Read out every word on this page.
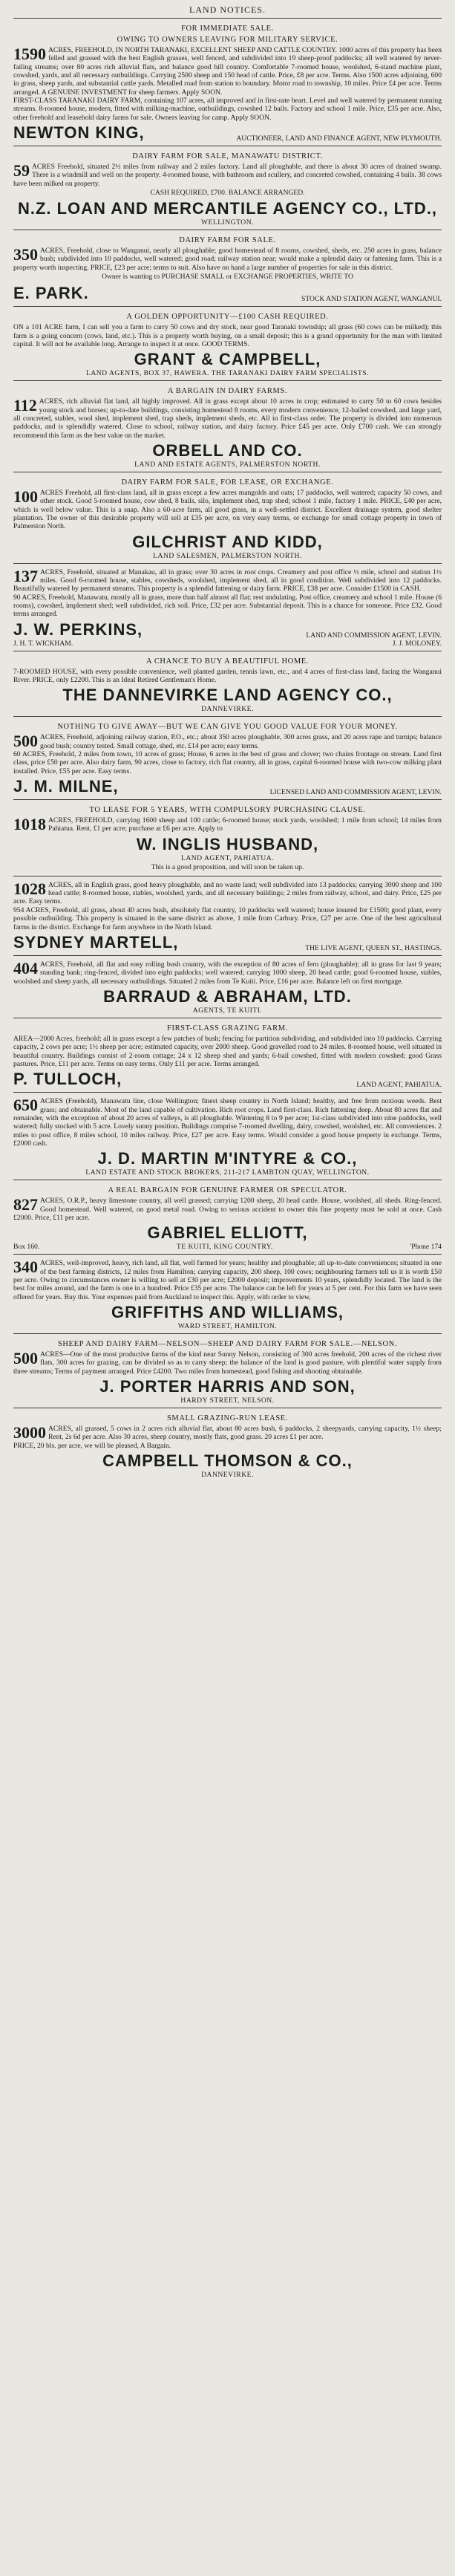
LAND NOTICES.
FOR IMMEDIATE SALE.
OWING TO OWNERS LEAVING FOR MILITARY SERVICE.

1590 ACRES, FREEHOLD, IN NORTH TARANAKI, EXCELLENT SHEEP AND CATTLE COUNTRY. 1000 acres of this property has been felled and grassed with the best English grasses, well fenced, and subdivided into 19 sheep-proof paddocks; all well watered by never-failing streams; over 80 acres rich alluvial flats, and balance good hill country. Comfortable 7-roomed house, woolshed, 6-stand machine plant, cowshed, yards, and all necessary outbuildings. Carrying 2500 sheep and 150 head of cattle. Price, £8 per acre. Terms. Also 1500 acres adjoining, 600 in grass, sheep yards, and substantial cattle yards. Metalled road from station to boundary. Motor road to township, 10 miles. Price £4 per acre. Terms arranged. A GENUINE INVESTMENT for sheep farmers. Apply SOON.

FIRST-CLASS TARANAKI DAIRY FARM, containing 107 acres, all improved and in first-rate heart. Level and well watered by permanent running streams. 8-roomed house, modern, fitted with milking-machine, outbuildings, cowshed 12 bails. Factory and school 1 mile. Price, £35 per acre. Also, other freehold and leasehold dairy farms for sale. Owners leaving for camp. Apply SOON.

NEWTON KING,	AUCTIONEER, LAND AND FINANCE AGENT, NEW PLYMOUTH.
DAIRY FARM FOR SALE, MANAWATU DISTRICT.

59 ACRES Freehold, situated 2½ miles from railway and 2 miles factory. Land all ploughable, and there is about 30 acres of drained swamp. There is a windmill and well on the property. 4-roomed house, with bathroom and scullery, and concreted cowshed, containing 4 bails. 38 cows have been milked on property.

CASH REQUIRED, £700. BALANCE ARRANGED.
N.Z. LOAN AND MERCANTILE AGENCY CO., LTD.,
WELLINGTON.
DAIRY FARM FOR SALE.

350 ACRES, Freehold, close to Wanganui, nearly all ploughable; good homestead of 8 rooms, cowshed, sheds, etc. 250 acres in grass, balance bush; subdivided into 10 paddocks, well watered; good road; railway station near; would make a splendid dairy or fattening farm. This is a property worth inspecting. PRICE, £23 per acre; terms to suit. Also have on hand a large number of properties for sale in this district.

Owner is wanting to PURCHASE SMALL or EXCHANGE PROPERTIES, WRITE TO
E. PARK.	STOCK AND STATION AGENT, WANGANUI.
A GOLDEN OPPORTUNITY—£100 CASH REQUIRED.

ON a 101 ACRE farm, I can sell you a farm to carry 50 cows and dry stock, near good Taranaki township; all grass (60 cows can be milked); this farm is a going concern (cows, land, etc.). This is a property worth buying, on a small deposit; this is a grand opportunity for the man with limited capital. It will not be available long. Arrange to inspect it at once. GOOD TERMS.

GRANT & CAMPBELL,
LAND AGENTS, BOX 37, HAWERA. THE TARANAKI DAIRY FARM SPECIALISTS.
A BARGAIN IN DAIRY FARMS.

112 ACRES, rich alluvial flat land, all highly improved. All in grass except about 10 acres in crop; estimated to carry 50 to 60 cows besides young stock and horses; up-to-date buildings, consisting homestead 8 rooms, every modern convenience, 12-bailed cowshed, and large yard, all concreted, stables, wool shed, implement shed, trap sheds, implement sheds, etc. All in first-class order. The property is divided into numerous paddocks, and is splendidly watered. Close to school, railway station, and dairy factory. Price £45 per acre. Only £700 cash. We can strongly recommend this farm as the best value on the market.

ORBELL AND CO.
LAND AND ESTATE AGENTS, PALMERSTON NORTH.
DAIRY FARM FOR SALE, FOR LEASE, OR EXCHANGE.

100 ACRES Freehold, all first-class land, all in grass except a few acres mangolds and oats; 17 paddocks, well watered; capacity 50 cows, and other stock. Good 5-roomed house, cow shed, 8 bails, silo, implement shed, trap shed; school 1 mile, factory 1 mile. PRICE, £40 per acre, which is well below value. This is a snap. Also a 60-acre farm, all good grass, in a well-settled district. Excellent drainage system, good shelter plantation. The owner of this desirable property will sell at £35 per acre, on very easy terms, or exchange for small cottage property in town of Palmerston North.

GILCHRIST AND KIDD,
LAND SALESMEN, PALMERSTON NORTH.

137 ACRES, Freehold, situated at Manakau, all in grass; over 30 acres in root crops. Creamery and post office ½ mile, school and station 1½ miles. Good 6-roomed house, stables, cowsheds, woolshed, implement shed, all in good condition. Well subdivided into 12 paddocks. Beautifully watered by permanent streams. This property is a splendid fattening or dairy farm. PRICE, £38 per acre. Consider £1500 in CASH.

90 ACRES, Freehold, Manawatu, mostly all in grass, more than half almost all flat; rest undulating. Post office, creamery and school 1 mile. House (6 rooms), cowshed, implement shed; well subdivided, rich soil. Price, £32 per acre. Substantial deposit. This is a chance for someone. Price £32. Good terms arranged.

J. W. PERKINS,	LAND AND COMMISSION AGENT, LEVIN.
J. H. T. WICKHAM.	J. J. MOLONEY.
A CHANCE TO BUY A BEAUTIFUL HOME.

7-ROOMED HOUSE, with every possible convenience, well planted garden, tennis lawn, etc., and 4 acres of first-class land, facing the Wanganui River. PRICE, only £2200. This is an Ideal Retired Gentleman's Home.

THE DANNEVIRKE LAND AGENCY CO.,
DANNEVIRKE.
NOTHING TO GIVE AWAY—BUT WE CAN GIVE YOU GOOD VALUE FOR YOUR MONEY.

500 ACRES, Freehold, adjoining railway station, P.O., etc.; about 350 acres ploughable, 300 acres grass, and 20 acres rape and turnips; balance good bush; country tested. Small cottage, shed, etc. £14 per acre; easy terms.

60 ACRES, Freehold, 2 miles from town, 10 acres of grass; House, 6 acres in the best of grass and clover; two chains frontage on stream. Land first class, price £50 per acre. Also dairy farm, 90 acres, close to factory, rich flat country, all in grass, capital 6-roomed house with two-cow milking plant installed. Price, £55 per acre. Easy terms.

J. M. MILNE,	LICENSED LAND AND COMMISSION AGENT, LEVIN.
TO LEASE FOR 5 YEARS, WITH COMPULSORY PURCHASING CLAUSE.

1018 ACRES, FREEHOLD, carrying 1600 sheep and 100 cattle; 6-roomed house; stock yards, woolshed; 1 mile from school; 14 miles from Pahiatua. Rent, £1 per acre; purchase at £6 per acre. Apply to

W. INGLIS HUSBAND,
LAND AGENT, PAHIATUA.
This is a good proposition, and will soon be taken up.

1028 ACRES, all in English grass, good heavy ploughable, and no waste land; well subdivided into 13 paddocks; carrying 3000 sheep and 100 head cattle; 8-roomed house, stables, woolshed, yards, and all necessary buildings; 2 miles from railway, school, and dairy. Price, £25 per acre. Easy terms.

954 ACRES, Freehold, all grass, about 40 acres bush, absolutely flat country, 10 paddocks well watered; house insured for £1500; good plant, every possible outbuilding. This property is situated in the same district as above, 1 mile from Carbury. Price, £27 per acre. One of the best agricultural farms in the district. Exchange for farm anywhere in the North Island.

SYDNEY MARTELL,	THE LIVE AGENT, QUEEN ST., HASTINGS.

404 ACRES, Freehold, all flat and easy rolling bush country, with the exception of 80 acres of fern (ploughable); all in grass for last 9 years; standing bank; ring-fenced, divided into eight paddocks; well watered; carrying 1000 sheep, 20 head cattle; good 6-roomed house, stables, woolshed and sheep yards, all necessary outbuildings. Situated 2 miles from Te Kuiti. Price, £16 per acre. Balance left on first mortgage.

BARRAUD & ABRAHAM, LTD.
AGENTS, TE KUITI.
FIRST-CLASS GRAZING FARM.

AREA—2000 Acres, freehold; all in grass except a few patches of bush; fencing for partition subdividing, and subdivided into 10 paddocks. Carrying capacity, 2 cows per acre; 1½ sheep per acre; estimated capacity, over 2000 sheep. Good gravelled road to 24 miles. 8-roomed house, well situated in beautiful country. Buildings consist of 2-room cottage; 24 x 12 sheep shed and yards; 6-bail cowshed, fitted with modern cowshed; good Grass pastures. Price, £11 per acre. Terms on easy terms. Only £11 per acre. Terms arranged.

P. TULLOCH,	LAND AGENT, PAHIATUA.

650 ACRES (Freehold), Manawatu line, close Wellington; finest sheep country in North Island; healthy, and free from noxious weeds. Best grass; and obtainable. Most of the land capable of cultivation. Rich root crops. Land first-class. Rich fattening deep. About 80 acres flat and remainder, with the exception of about 20 acres of valleys, is all ploughable. Wintering 8 to 9 per acre; 1st-class subdivided into nine paddocks, well watered; fully stocked with 5 acre. Lovely sunny position. Buildings comprise 7-roomed dwelling, dairy, cowshed, woolshed, etc. All conveniences. 2 miles to post office, 8 miles school, 10 miles railway. Price, £27 per acre. Easy terms. Would consider a good house property in exchange. Terms, £2000 cash.

J. D. MARTIN M'INTYRE & CO.,
LAND ESTATE AND STOCK BROKERS, 211-217 LAMBTON QUAY, WELLINGTON.
A REAL BARGAIN FOR GENUINE FARMER OR SPECULATOR.

827 ACRES, O.R.P., heavy limestone country, all well grassed; carrying 1200 sheep, 20 head cattle. House, woolshed, all sheds. Ring-fenced. Good homestead. Well watered, on good metal road. Owing to serious accident to owner this fine property must be sold at once. Cash £2000. Price, £11 per acre.

GABRIEL ELLIOTT,
Box 160.	TE KUITI, KING COUNTRY.	'Phone 174

340 ACRES, well-improved, heavy, rich land, all flat, well farmed for years; healthy and ploughable; all up-to-date conveniences; situated in one of the best farming districts, 12 miles from Hamilton; carrying capacity, 200 sheep, 100 cows; neighbouring farmers tell us it is worth £50 per acre. Owing to circumstances owner is willing to sell at £30 per acre; £2000 deposit; improvements 10 years, splendidly located. The land is the best for miles around, and the farm is one in a hundred. Price £35 per acre. The balance can be left for years at 5 per cent. For this farm we have seen offered for years. Buy this. Your expenses paid from Auckland to inspect this. Apply, with order to view,

GRIFFITHS AND WILLIAMS,
WARD STREET, HAMILTON.
SHEEP AND DAIRY FARM—NELSON—SHEEP AND DAIRY FARM FOR SALE.—NELSON.

500 ACRES—One of the most productive farms of the kind near Sunny Nelson, consisting of 300 acres freehold, 200 acres of the richest river flats, 300 acres for grazing, can be divided so as to carry sheep; the balance of the land is good pasture, with plentiful water supply from three streams; Terms of payment arranged. Price £4200. Two miles from homestead, good fishing and shooting obtainable.

J. PORTER HARRIS AND SON,
HARDY STREET, NELSON.
SMALL GRAZING-RUN LEASE.

3000 ACRES, all grassed, 5 cows in 2 acres rich alluvial flat, about 80 acres bush, 6 paddocks, 2 sheepyards, carrying capacity, 1½ sheep; Rent, 2s 6d per acre. Also 30 acres, sheep country, mostly flats, good grass. 20 acres £1 per acre.

PRICE, 20 bls. per acre, we will be pleased, A Bargain.

CAMPBELL THOMSON & CO.,
DANNEVIRKE.
